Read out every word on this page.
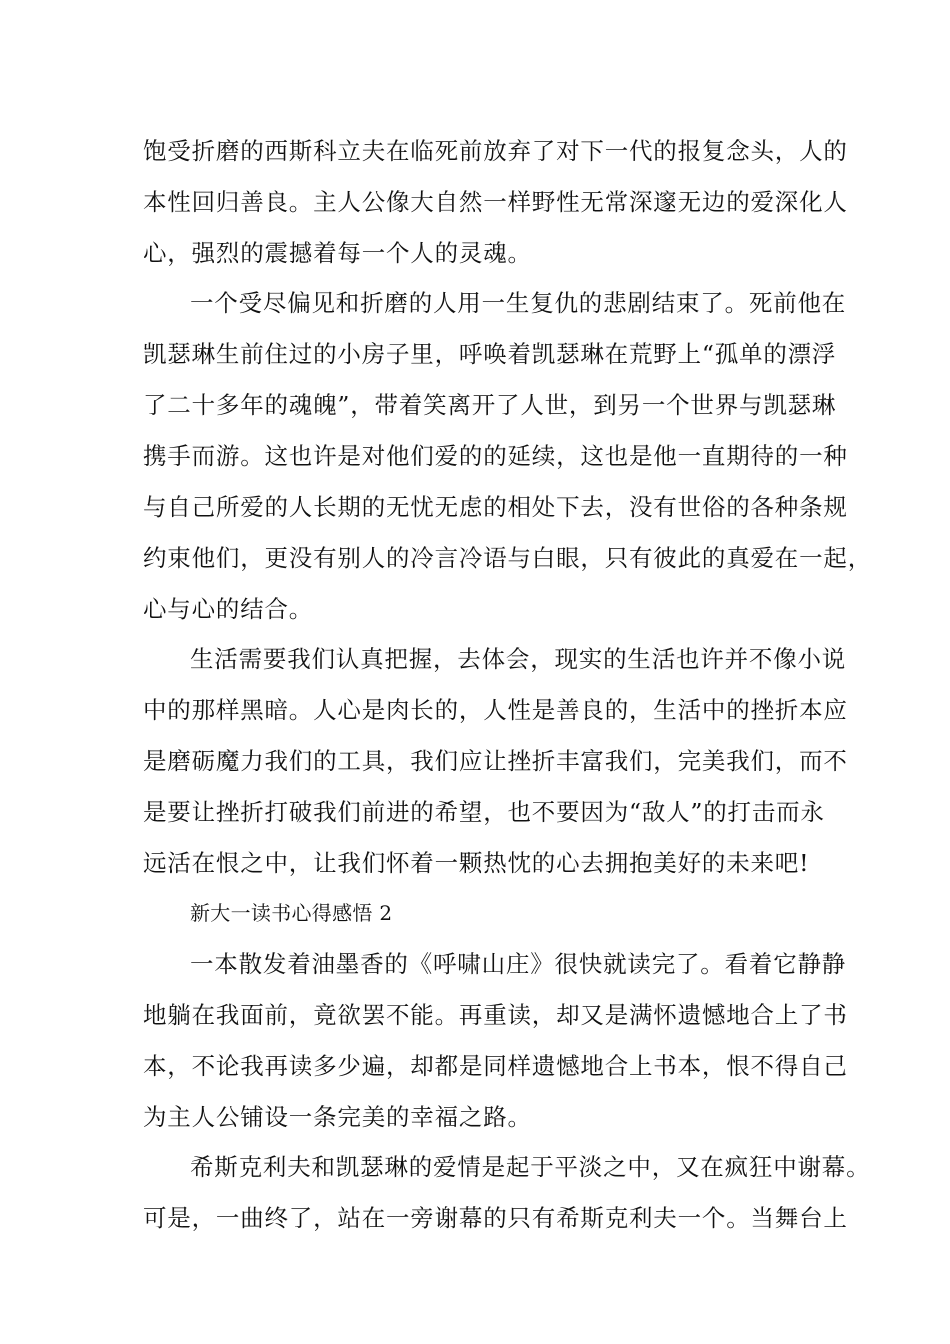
饱受折磨的西斯科立夫在临死前放弃了对下一代的报复念头，人的
本性回归善良。主人公像大自然一样野性无常深邃无边的爱深化人
心，强烈的震撼着每一个人的灵魂。
一个受尽偏见和折磨的人用一生复仇的悲剧结束了。死前他在
凯瑟琳生前住过的小房子里，呼唤着凯瑟琳在荒野上“孤单的漂浮
了二十多年的魂魄”，带着笑离开了人世，到另一个世界与凯瑟琳
携手而游。这也许是对他们爱的的延续，这也是他一直期待的一种
与自己所爱的人长期的无忧无虑的相处下去，没有世俗的各种条规
约束他们，更没有别人的冷言冷语与白眼，只有彼此的真爱在一起，
心与心的结合。
生活需要我们认真把握，去体会，现实的生活也许并不像小说
中的那样黑暗。人心是肉长的，人性是善良的，生活中的挫折本应
是磨砺魔力我们的工具，我们应让挫折丰富我们，完美我们，而不
是要让挫折打破我们前进的希望，也不要因为“敌人”的打击而永
远活在恨之中，让我们怀着一颗热忱的心去拥抱美好的未来吧!
新大一读书心得感悟 2
一本散发着油墨香的《呼啸山庄》很快就读完了。看着它静静
地躺在我面前，竟欲罢不能。再重读，却又是满怀遗憾地合上了书
本，不论我再读多少遍，却都是同样遗憾地合上书本，恨不得自己
为主人公铺设一条完美的幸福之路。
希斯克利夫和凯瑟琳的爱情是起于平淡之中，又在疯狂中谢幕。
可是，一曲终了，站在一旁谢幕的只有希斯克利夫一个。当舞台上
